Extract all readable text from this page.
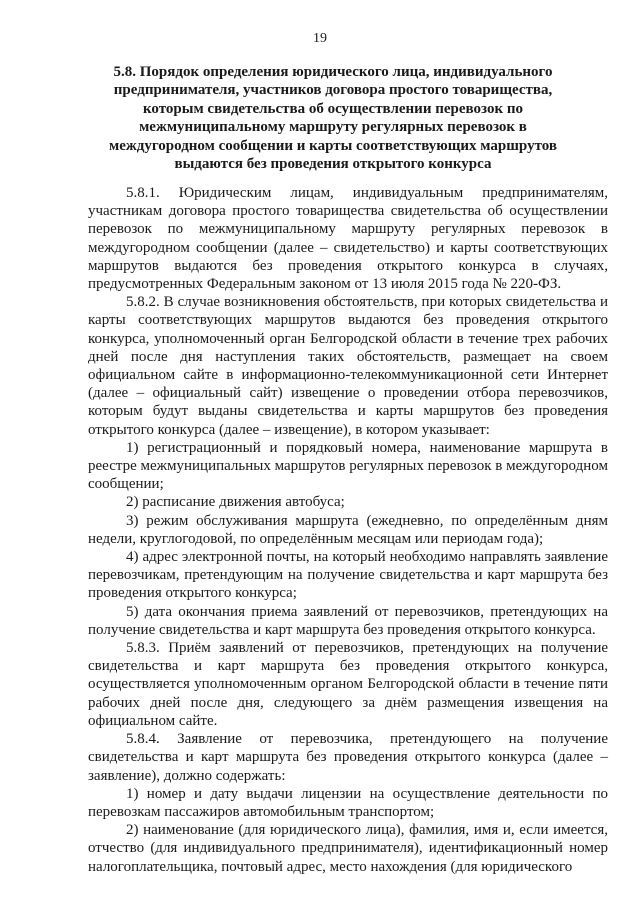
19
5.8. Порядок определения юридического лица, индивидуального предпринимателя, участников договора простого товарищества, которым свидетельства об осуществлении перевозок по межмуниципальному маршруту регулярных перевозок в междугородном сообщении и карты соответствующих маршрутов выдаются без проведения открытого конкурса

5.8.1. Юридическим лицам, индивидуальным предпринимателям, участникам договора простого товарищества свидетельства об осуществлении перевозок по межмуниципальному маршруту регулярных перевозок в междугородном сообщении (далее – свидетельство) и карты соответствующих маршрутов выдаются без проведения открытого конкурса в случаях, предусмотренных Федеральным законом от 13 июля 2015 года № 220-ФЗ.

5.8.2. В случае возникновения обстоятельств, при которых свидетельства и карты соответствующих маршрутов выдаются без проведения открытого конкурса, уполномоченный орган Белгородской области в течение трех рабочих дней после дня наступления таких обстоятельств, размещает на своем официальном сайте в информационно-телекоммуникационной сети Интернет (далее – официальный сайт) извещение о проведении отбора перевозчиков, которым будут выданы свидетельства и карты маршрутов без проведения открытого конкурса (далее – извещение), в котором указывает:

1) регистрационный и порядковый номера, наименование маршрута в реестре межмуниципальных маршрутов регулярных перевозок в междугородном сообщении;

2) расписание движения автобуса;

3) режим обслуживания маршрута (ежедневно, по определённым дням недели, круглогодовой, по определённым месяцам или периодам года);

4) адрес электронной почты, на который необходимо направлять заявление перевозчикам, претендующим на получение свидетельства и карт маршрута без проведения открытого конкурса;

5) дата окончания приема заявлений от перевозчиков, претендующих на получение свидетельства и карт маршрута без проведения открытого конкурса.

5.8.3. Приём заявлений от перевозчиков, претендующих на получение свидетельства и карт маршрута без проведения открытого конкурса, осуществляется уполномоченным органом Белгородской области в течение пяти рабочих дней после дня, следующего за днём размещения извещения на официальном сайте.

5.8.4. Заявление от перевозчика, претендующего на получение свидетельства и карт маршрута без проведения открытого конкурса (далее – заявление), должно содержать:

1) номер и дату выдачи лицензии на осуществление деятельности по перевозкам пассажиров автомобильным транспортом;

2) наименование (для юридического лица), фамилия, имя и, если имеется, отчество (для индивидуального предпринимателя), идентификационный номер налогоплательщика, почтовый адрес, место нахождения (для юридического
